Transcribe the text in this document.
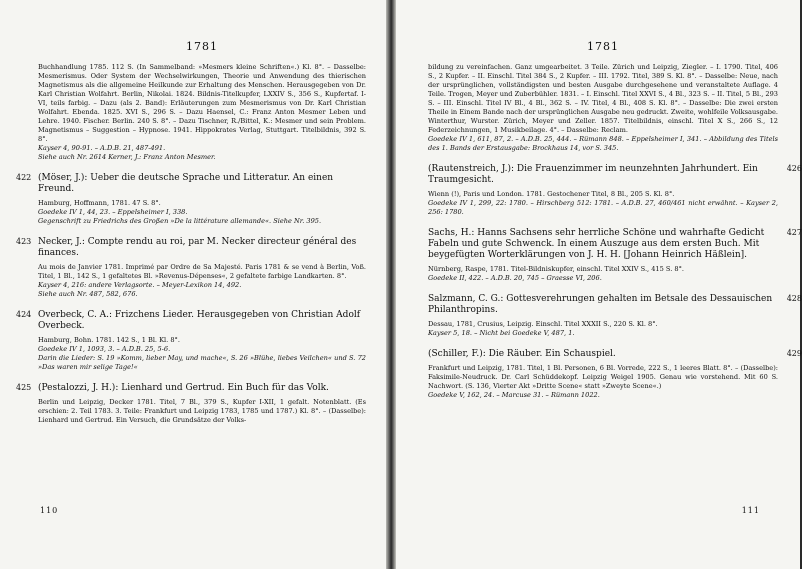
1781

Buchhandlung 1785. 112 S. (In Sammelband: »Mesmers kleine Schriften«.) Kl. 8°. – Dasselbe: Mesmerismus. Oder System der Wechselwirkungen, Theorie und Anwendung des thierischen Magnetismus als die allgemeine Heilkunde zur Erhaltung des Menschen. Herausgegeben von Dr. Karl Christian Wolfahrt. Berlin, Nikolai. 1824. Bildnis-Titelkupfer, LXXIV S., 356 S., Kupfertaf. I-VI, teils farbig. – Dazu (als 2. Band): Erläuterungen zum Mesmerismus von Dr. Karl Christian Wolfahrt. Ebenda. 1825. XVI S., 296 S. – Dazu Haensel, C.: Franz Anton Mesmer Leben und Lehre. 1940. Fischer. Berlin. 240 S. 8°. – Dazu Tischner, R./Bittel, K.: Mesmer und sein Problem. Magnetismus – Suggestion – Hypnose. 1941. Hippokrates Verlag, Stuttgart. Titelbildnis, 392 S. 8°.

Kayser 4, 90-91. – A.D.B. 21, 487-491.

Siehe auch Nr. 2614 Kerner, J.: Franz Anton Mesmer.

422 (Möser, J.): Ueber die deutsche Sprache und Litteratur. An einen Freund.

Hamburg, Hoffmann, 1781. 47 S. 8°.

Goedeke IV 1, 44, 23. – Eppelsheimer I, 338.

Gegenschrift zu Friedrichs des Großen »De la littérature allemande«. Siehe Nr. 395.

423 Necker, J.: Compte rendu au roi, par M. Necker directeur général des finances.

Au mois de Janvier 1781. Imprimé par Ordre de Sa Majesté. Paris 1781 & se vend à Berlin, Voß. Titel, 1 Bl., 142 S., 1 gefaltetes Bl. »Revenus-Dépenses«, 2 gefaltete farbige Landkarten. 8°.

Kayser 4, 216: andere Verlagsorte. – Meyer-Lexikon 14, 492.

Siehe auch Nr. 487, 582, 676.

424 Overbeck, C. A.: Frizchens Lieder. Herausgegeben von Christian Adolf Overbeck.

Hamburg, Bohn. 1781. 142 S., 1 Bl. Kl. 8°.

Goedeke IV 1, 1093, 3. – A.D.B. 25, 5-6.

Darin die Lieder: S. 19 »Komm, lieber May, und mache«, S. 26 »Blühe, liebes Veilchen« und S. 72 »Das waren mir selige Tage!«

425 (Pestalozzi, J. H.): Lienhard und Gertrud. Ein Buch für das Volk.

Berlin und Leipzig, Decker 1781. Titel, 7 Bl., 379 S., Kupfer I-XII, 1 gefalt. Notenblatt. (Es erschien: 2. Teil 1783. 3. Teile: Frankfurt und Leipzig 1783, 1785 und 1787.) Kl. 8°. – (Dasselbe): Lienhard und Gertrud. Ein Versuch, die Grundsätze der Volks-

110
1781

bildung zu vereinfachen. Ganz umgearbeitet. 3 Teile. Zürich und Leipzig, Ziegler. – I. 1790. Titel, 406 S., 2 Kupfer. – II. Einschl. Titel 384 S., 2 Kupfer. – III. 1792. Titel, 389 S. Kl. 8°. – Dasselbe: Neue, nach der ursprünglichen, vollständigsten und besten Ausgabe durchgesehene und veranstaltete Auflage. 4 Teile. Trogen, Meyer und Zuberbühler. 1831. – I. Einschl. Titel XXVI S., 4 Bl., 323 S. – II. Titel, 5 Bl., 293 S. – III. Einschl. Titel IV Bl., 4 Bl., 362 S. – IV. Titel, 4 Bl., 408 S. Kl. 8°. – Dasselbe: Die zwei ersten Theile in Einem Bande nach der ursprünglichen Ausgabe neu gedruckt. Zweite, wohlfeile Volksausgabe. Winterthur, Wurster. Zürich, Meyer und Zeller. 1857. Titelbildnis, einschl. Titel X S., 266 S., 12 Federzeichnungen, 1 Musikbeilage. 4°. – Dasselbe: Reclam.

Goedeke IV 1, 611, 87, 2. – A.D.B. 25, 444. – Rümann 848. – Eppelsheimer I, 341. – Abbildung des Titels des 1. Bands der Erstausgabe: Brockhaus 14, vor S. 345.

426
(Rautenstreich, J.): Die Frauenzimmer im neunzehnten Jahrhundert. Ein Traumgesicht.

Wienn (!), Paris und London. 1781. Gestochener Titel, 8 Bl., 205 S. Kl. 8°.

Goedeke IV 1, 299, 22: 1780. – Hirschberg 512: 1781. – A.D.B. 27, 460/461 nicht erwähnt. – Kayser 2, 256: 1780.

427
Sachs, H.: Hanns Sachsens sehr herrliche Schöne und wahrhafte Gedicht Fabeln und gute Schwenck. In einem Auszuge aus dem ersten Buch. Mit beygefügten Worterklärungen von J. H. H. [Johann Heinrich Häßlein].

Nürnberg, Raspe, 1781. Titel-Bildniskupfer, einschl. Titel XXIV S., 415 S. 8°.

Goedeke II, 422. – A.D.B. 20, 745 – Graesse VI, 206.

428
Salzmann, C. G.: Gottesverehrungen gehalten im Betsale des Dessauischen Philanthropins.

Dessau, 1781, Crusius, Leipzig. Einschl. Titel XXXII S., 220 S. Kl. 8°.

Kayser 5, 18. – Nicht bei Goedeke V, 487, 1.

429
(Schiller, F.): Die Räuber. Ein Schauspiel.

Frankfurt und Leipzig, 1781. Titel, 1 Bl. Personen, 6 Bl. Vorrede, 222 S., 1 leeres Blatt. 8°. – (Dasselbe): Faksimile-Neudruck. Dr. Carl Schüddekopf. Leipzig Weigel 1905. Genau wie vorstehend. Mit 60 S. Nachwort. (S. 136, Vierter Akt »Dritte Scene« statt »Zweyte Scene«.)

Goedeke V, 162, 24. – Marcuse 31. – Rümann 1022.

111
